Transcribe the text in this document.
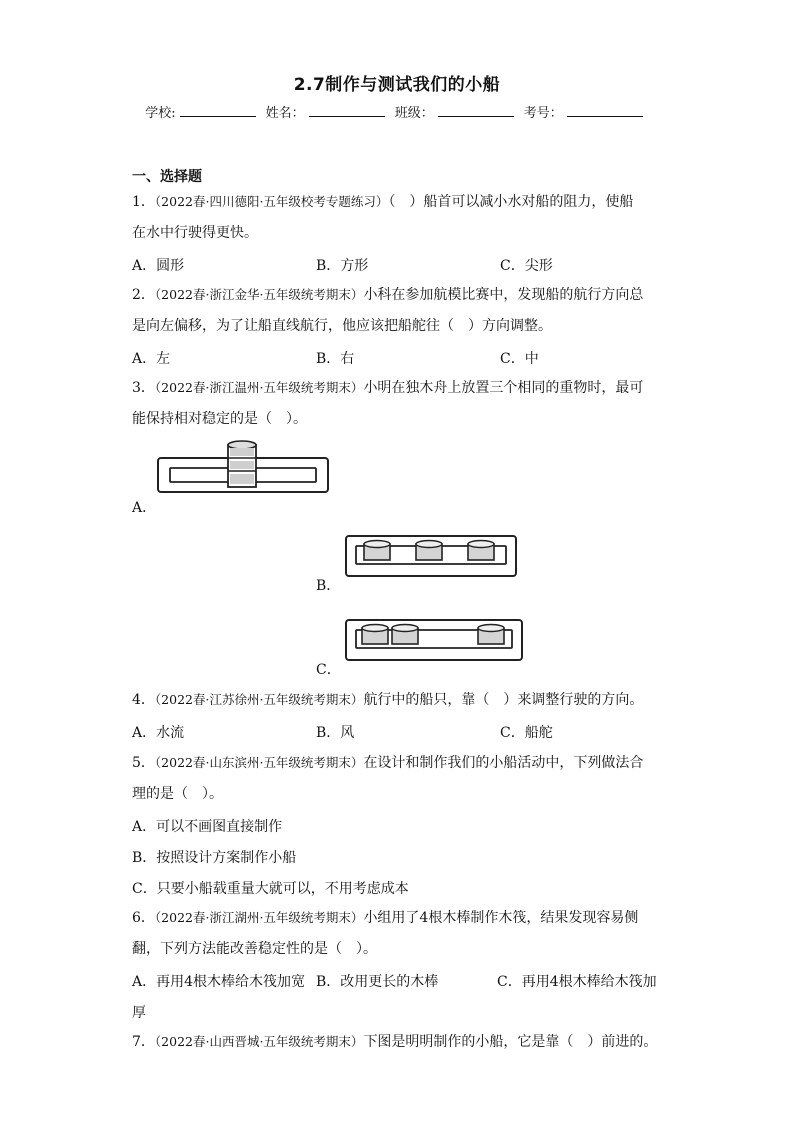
2.7制作与测试我们的小船
学校:	姓名：	班级：	考号：
一、选择题
1．（2022春·四川德阳·五年级校考专题练习）（　）船首可以减小水对船的阻力，使船
在水中行驶得更快。
A．圆形	B．方形	C．尖形
2．（2022春·浙江金华·五年级统考期末）小科在参加航模比赛中，发现船的航行方向总
是向左偏移，为了让船直线航行，他应该把船舵往（　）方向调整。
A．左	B．右	C．中
3．（2022春·浙江温州·五年级统考期末）小明在独木舟上放置三个相同的重物时，最可
能保持相对稳定的是（　）。
A．
B．
C．
4．（2022春·江苏徐州·五年级统考期末）航行中的船只，靠（　）来调整行驶的方向。
A．水流	B．风	C．船舵
5．（2022春·山东滨州·五年级统考期末）在设计和制作我们的小船活动中，下列做法合
理的是（　）。
A．可以不画图直接制作
B．按照设计方案制作小船
C．只要小船载重量大就可以，不用考虑成本
6．（2022春·浙江湖州·五年级统考期末）小组用了4根木棒制作木筏，结果发现容易侧
翻，下列方法能改善稳定性的是（　）。
A．再用4根木棒给木筏加宽 B．改用更长的木棒	C．再用4根木棒给木筏加
厚
7．（2022春·山西晋城·五年级统考期末）下图是明明制作的小船，它是靠（　）前进的。
